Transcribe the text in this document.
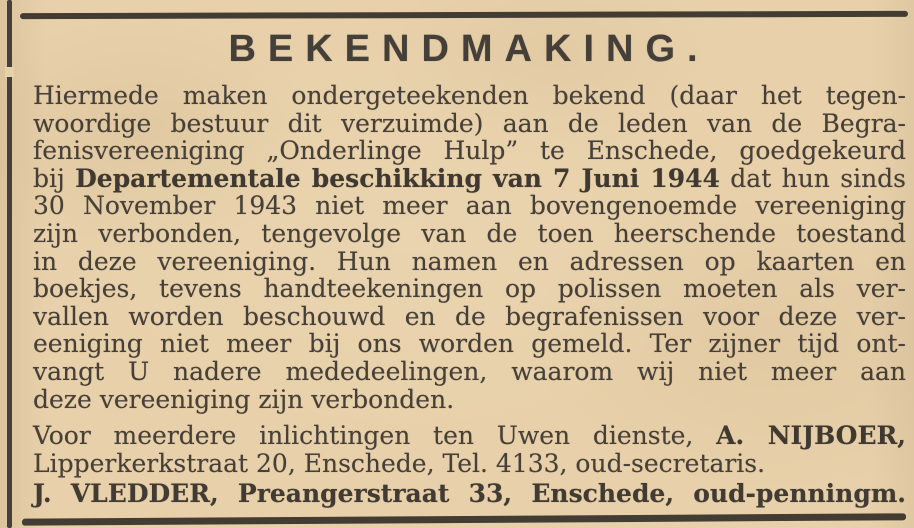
BEKENDMAKING.
Hiermede maken ondergeteekenden bekend (daar het tegen-
woordige bestuur dit verzuimde) aan de leden van de Begra-
fenisvereeniging „Onderlinge Hulp” te Enschede, goedgekeurd
bij Departementale beschikking van 7 Juni 1944 dat hun sinds
30 November 1943 niet meer aan bovengenoemde vereeniging
zijn verbonden, tengevolge van de toen heerschende toestand
in deze vereeniging. Hun namen en adressen op kaarten en
boekjes, tevens handteekeningen op polissen moeten als ver-
vallen worden beschouwd en de begrafenissen voor deze ver-
eeniging niet meer bij ons worden gemeld. Ter zijner tijd ont-
vangt U nadere mededeelingen, waarom wij niet meer aan
deze vereeniging zijn verbonden.
Voor meerdere inlichtingen ten Uwen dienste, A. NIJBOER,
Lipperkerkstraat 20, Enschede, Tel. 4133, oud-secretaris.
J. VLEDDER, Preangerstraat 33, Enschede, oud-penningm.
